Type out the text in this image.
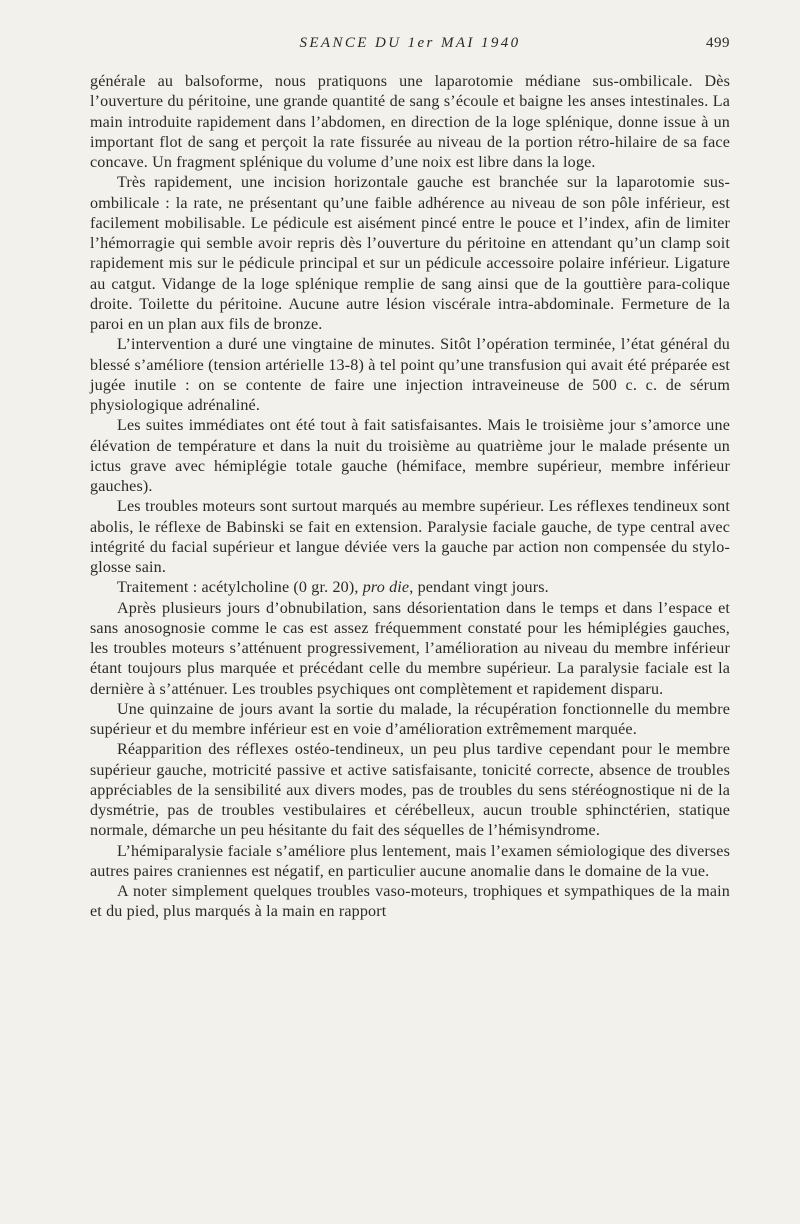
SEANCE DU 1er MAI 1940	499

générale au balsoforme, nous pratiquons une laparotomie médiane sus-ombilicale. Dès l’ouverture du péritoine, une grande quantité de sang s’écoule et baigne les anses intestinales. La main introduite rapidement dans l’abdomen, en direction de la loge splénique, donne issue à un important flot de sang et perçoit la rate fissurée au niveau de la portion rétro-hilaire de sa face concave. Un fragment splénique du volume d’une noix est libre dans la loge.

Très rapidement, une incision horizontale gauche est branchée sur la laparotomie sus-ombilicale : la rate, ne présentant qu’une faible adhérence au niveau de son pôle inférieur, est facilement mobilisable. Le pédicule est aisément pincé entre le pouce et l’index, afin de limiter l’hémorragie qui semble avoir repris dès l’ouverture du péritoine en attendant qu’un clamp soit rapidement mis sur le pédicule principal et sur un pédicule accessoire polaire inférieur. Ligature au catgut. Vidange de la loge splénique remplie de sang ainsi que de la gouttière para-colique droite. Toilette du péritoine. Aucune autre lésion viscérale intra-abdominale. Fermeture de la paroi en un plan aux fils de bronze.

L’intervention a duré une vingtaine de minutes. Sitôt l’opération terminée, l’état général du blessé s’améliore (tension artérielle 13-8) à tel point qu’une transfusion qui avait été préparée est jugée inutile : on se contente de faire une injection intraveineuse de 500 c. c. de sérum physiologique adrénaliné.

Les suites immédiates ont été tout à fait satisfaisantes. Mais le troisième jour s’amorce une élévation de température et dans la nuit du troisième au quatrième jour le malade présente un ictus grave avec hémiplégie totale gauche (hémiface, membre supérieur, membre inférieur gauches).

Les troubles moteurs sont surtout marqués au membre supérieur. Les réflexes tendineux sont abolis, le réflexe de Babinski se fait en extension. Paralysie faciale gauche, de type central avec intégrité du facial supérieur et langue déviée vers la gauche par action non compensée du stylo-glosse sain.

Traitement : acétylcholine (0 gr. 20), pro die, pendant vingt jours.

Après plusieurs jours d’obnubilation, sans désorientation dans le temps et dans l’espace et sans anosognosie comme le cas est assez fréquemment constaté pour les hémiplégies gauches, les troubles moteurs s’atténuent progressivement, l’amélioration au niveau du membre inférieur étant toujours plus marquée et précédant celle du membre supérieur. La paralysie faciale est la dernière à s’atténuer. Les troubles psychiques ont complètement et rapidement disparu.

Une quinzaine de jours avant la sortie du malade, la récupération fonctionnelle du membre supérieur et du membre inférieur est en voie d’amélioration extrêmement marquée.

Réapparition des réflexes ostéo-tendineux, un peu plus tardive cependant pour le membre supérieur gauche, motricité passive et active satisfaisante, tonicité correcte, absence de troubles appréciables de la sensibilité aux divers modes, pas de troubles du sens stéréognostique ni de la dysmétrie, pas de troubles vestibulaires et cérébelleux, aucun trouble sphinctérien, statique normale, démarche un peu hésitante du fait des séquelles de l’hémisyndrome.

L’hémiparalysie faciale s’améliore plus lentement, mais l’examen sémiologique des diverses autres paires craniennes est négatif, en particulier aucune anomalie dans le domaine de la vue.

A noter simplement quelques troubles vaso-moteurs, trophiques et sympathiques de la main et du pied, plus marqués à la main en rapport
